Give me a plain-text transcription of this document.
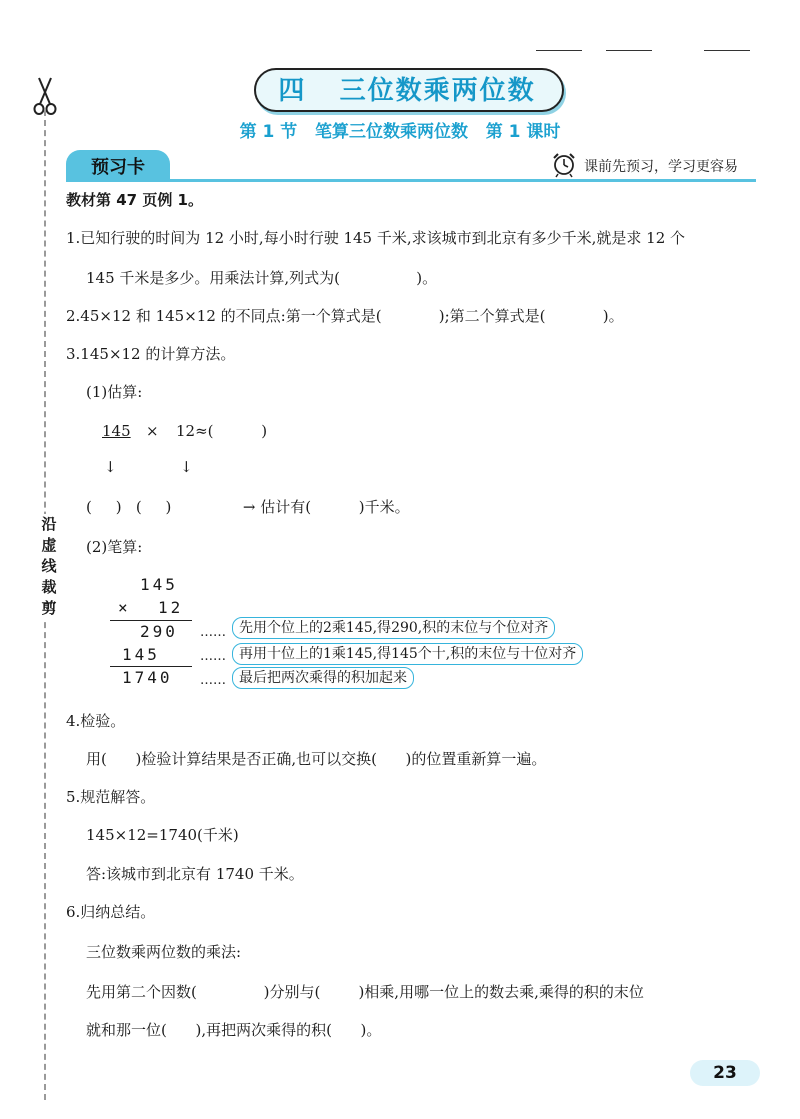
沿
虚
线
裁
剪
四   三位数乘两位数
第 1 节   笔算三位数乘两位数   第 1 课时
预习卡	课前先预习，学习更容易
教材第 47 页例 1。
1.已知行驶的时间为 12 小时,每小时行驶 145 千米,求该城市到北京有多少千米,就是求 12 个
145 千米是多少。用乘法计算,列式为(                )。
2.45×12 和 145×12 的不同点:第一个算式是(            );第二个算式是(            )。
3.145×12 的计算方法。
(1)估算:
145 × 12≈(          )
↓	↓
(     )   (     )               → 估计有(          )千米。
(2)笔算:
145
× 12
290
145
1740
…… 先用个位上的2乘145,得290,积的末位与个位对齐
…… 再用十位上的1乘145,得145个十,积的末位与十位对齐
…… 最后把两次乘得的积加起来
4.检验。
用(      )检验计算结果是否正确,也可以交换(      )的位置重新算一遍。
5.规范解答。
145×12=1740(千米)
答:该城市到北京有 1740 千米。
6.归纳总结。
三位数乘两位数的乘法:
先用第二个因数(              )分别与(        )相乘,用哪一位上的数去乘,乘得的积的末位
就和那一位(      ),再把两次乘得的积(      )。
23
